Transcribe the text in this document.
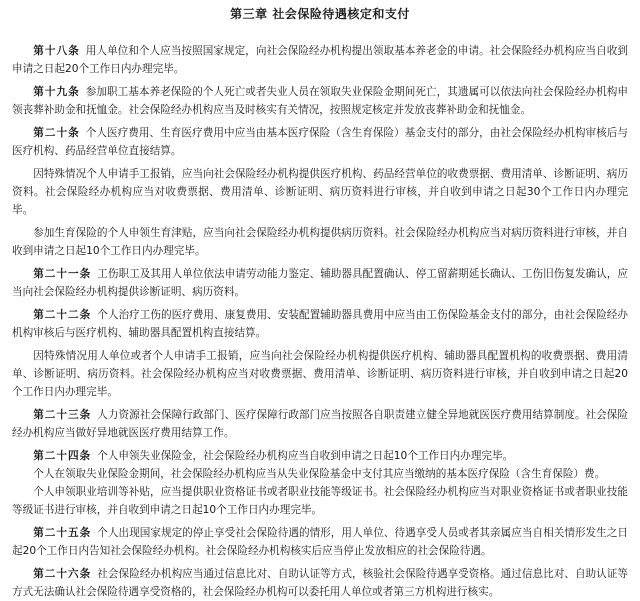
第三章 社会保险待遇核定和支付

第十八条 用人单位和个人应当按照国家规定，向社会保险经办机构提出领取基本养老金的申请。社会保险经办机构应当自收到申请之日起20个工作日内办理完毕。

第十九条 参加职工基本养老保险的个人死亡或者失业人员在领取失业保险金期间死亡，其遗属可以依法向社会保险经办机构申领丧葬补助金和抚恤金。社会保险经办机构应当及时核实有关情况，按照规定核定并发放丧葬补助金和抚恤金。

第二十条 个人医疗费用、生育医疗费用中应当由基本医疗保险（含生育保险）基金支付的部分，由社会保险经办机构审核后与医疗机构、药品经营单位直接结算。

因特殊情况个人申请手工报销，应当向社会保险经办机构提供医疗机构、药品经营单位的收费票据、费用清单、诊断证明、病历资料。社会保险经办机构应当对收费票据、费用清单、诊断证明、病历资料进行审核，并自收到申请之日起30个工作日内办理完毕。

参加生育保险的个人申领生育津贴，应当向社会保险经办机构提供病历资料。社会保险经办机构应当对病历资料进行审核，并自收到申请之日起10个工作日内办理完毕。

第二十一条 工伤职工及其用人单位依法申请劳动能力鉴定、辅助器具配置确认、停工留薪期延长确认、工伤旧伤复发确认，应当向社会保险经办机构提供诊断证明、病历资料。

第二十二条 个人治疗工伤的医疗费用、康复费用、安装配置辅助器具费用中应当由工伤保险基金支付的部分，由社会保险经办机构审核后与医疗机构、辅助器具配置机构直接结算。

因特殊情况用人单位或者个人申请手工报销，应当向社会保险经办机构提供医疗机构、辅助器具配置机构的收费票据、费用清单、诊断证明、病历资料。社会保险经办机构应当对收费票据、费用清单、诊断证明、病历资料进行审核，并自收到申请之日起20个工作日内办理完毕。

第二十三条 人力资源社会保障行政部门、医疗保障行政部门应当按照各自职责建立健全异地就医医疗费用结算制度。社会保险经办机构应当做好异地就医医疗费用结算工作。

第二十四条 个人申领失业保险金，社会保险经办机构应当自收到申请之日起10个工作日内办理完毕。

个人在领取失业保险金期间，社会保险经办机构应当从失业保险基金中支付其应当缴纳的基本医疗保险（含生育保险）费。

个人申领职业培训等补贴，应当提供职业资格证书或者职业技能等级证书。社会保险经办机构应当对职业资格证书或者职业技能等级证书进行审核，并自收到申请之日起10个工作日内办理完毕。

第二十五条 个人出现国家规定的停止享受社会保险待遇的情形，用人单位、待遇享受人员或者其亲属应当自相关情形发生之日起20个工作日内告知社会保险经办机构。社会保险经办机构核实后应当停止发放相应的社会保险待遇。

第二十六条 社会保险经办机构应当通过信息比对、自助认证等方式，核验社会保险待遇享受资格。通过信息比对、自助认证等方式无法确认社会保险待遇享受资格的，社会保险经办机构可以委托用人单位或者第三方机构进行核实。
